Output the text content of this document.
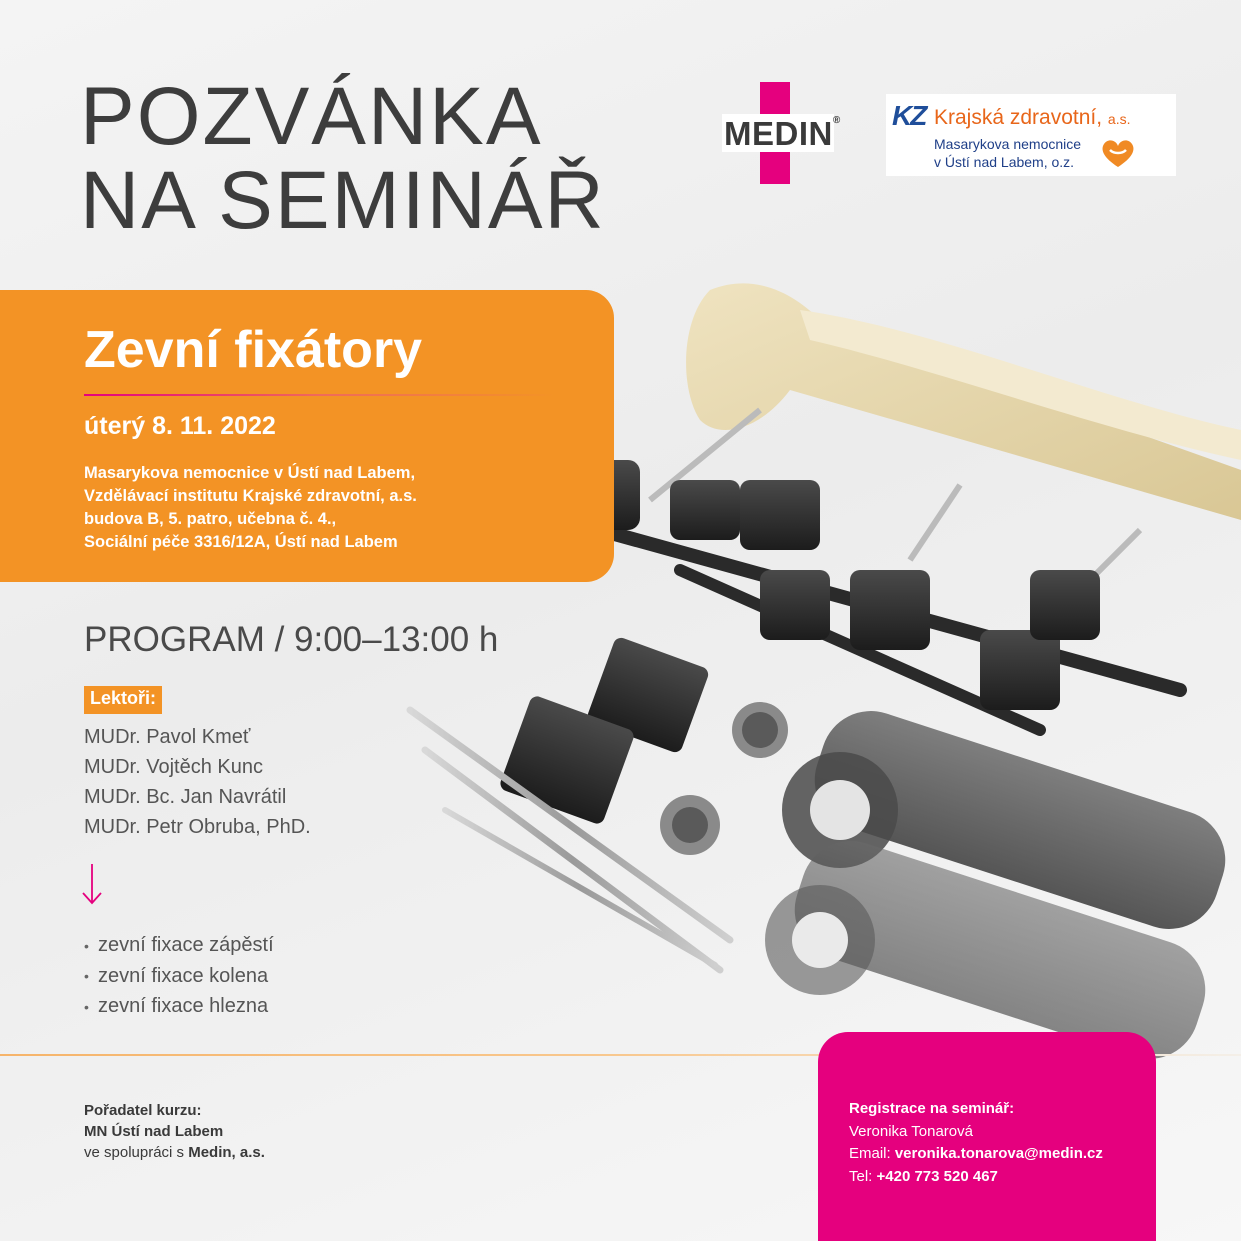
POZVÁNKA
NA SEMINÁŘ
MEDIN® KZ Krajská zdravotní, a.s.
Masarykova nemocnice
v Ústí nad Labem, o.z.
Zevní fixátory
úterý 8. 11. 2022
Masarykova nemocnice v Ústí nad Labem,
Vzdělávací institutu Krajské zdravotní, a.s.
budova B, 5. patro, učebna č. 4.,
Sociální péče 3316/12A, Ústí nad Labem
PROGRAM / 9:00–13:00 h
Lektoři:
MUDr. Pavol Kmeť
MUDr. Vojtěch Kunc
MUDr. Bc. Jan Navrátil
MUDr. Petr Obruba, PhD.
• zevní fixace zápěstí
• zevní fixace kolena
• zevní fixace hlezna
Pořadatel kurzu:
MN Ústí nad Labem
ve spolupráci s Medin, a.s.
Registrace na seminář:
Veronika Tonarová
Email: veronika.tonarova@medin.cz
Tel: +420 773 520 467
